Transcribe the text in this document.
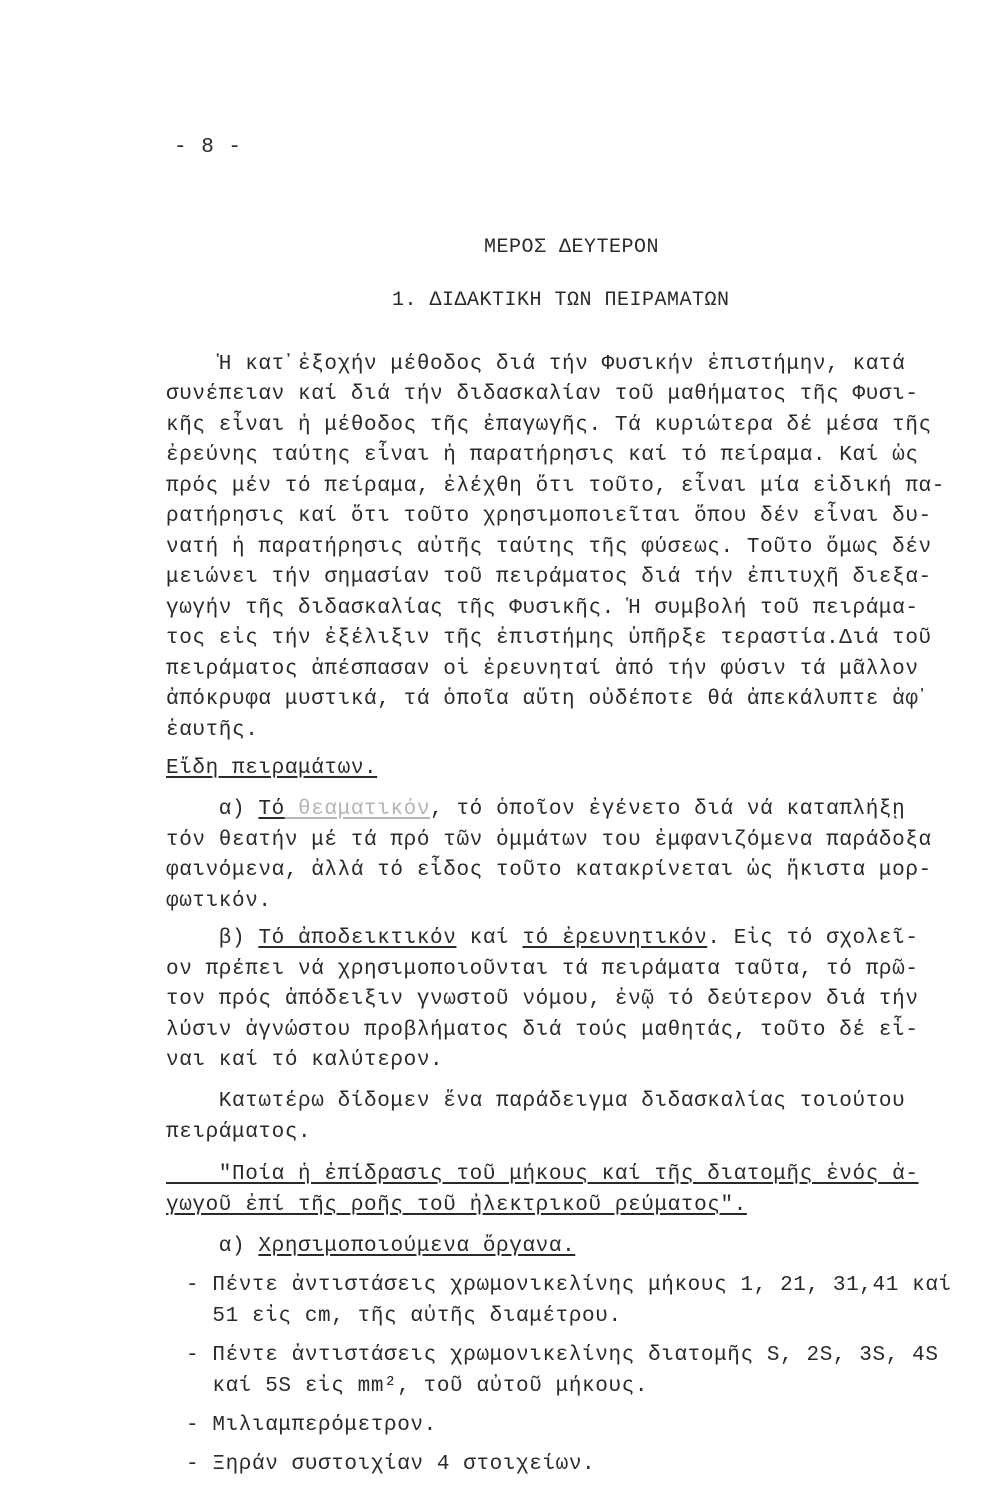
- 8 -
ΜΕΡΟΣ ΔΕΥΤΕΡΟΝ
1. ΔΙΔΑΚΤΙΚΗ ΤΩΝ ΠΕΙΡΑΜΑΤΩΝ
Ἡ κατ᾿ἐξοχήν μέθοδος διά τήν Φυσικήν ἐπιστήμην, κατά
συνέπειαν καί διά τήν διδασκαλίαν τοῦ μαθήματος τῆς Φυσι-
κῆς εἶναι ἡ μέθοδος τῆς ἐπαγωγῆς. Τά κυριώτερα δέ μέσα τῆς
ἐρεύνης ταύτης εἶναι ἡ παρατήρησις καί τό πείραμα. Καί ὡς
πρός μέν τό πείραμα, ἐλέχθη ὅτι τοῦτο, εἶναι μία εἰδική πα-
ρατήρησις καί ὅτι τοῦτο χρησιμοποιεῖται ὅπου δέν εἶναι δυ-
νατή ἡ παρατήρησις αὐτῆς ταύτης τῆς φύσεως. Τοῦτο ὅμως δέν
μειώνει τήν σημασίαν τοῦ πειράματος διά τήν ἐπιτυχῆ διεξα-
γωγήν τῆς διδασκαλίας τῆς Φυσικῆς. Ἡ συμβολή τοῦ πειράμα-
τος εἰς τήν ἐξέλιξιν τῆς ἐπιστήμης ὑπῆρξε τεραστία.Διά τοῦ
πειράματος ἀπέσπασαν οἱ ἐρευνηταί ἀπό τήν φύσιν τά μᾶλλον
ἀπόκρυφα μυστικά, τά ὁποῖα αὕτη οὐδέποτε θά ἀπεκάλυπτε ἀφ᾿
ἑαυτῆς.
Εἴδη πειραμάτων.
α) Τό θεαματικόν, τό ὁποῖον ἐγένετο διά νά καταπλήξῃ
τόν θεατήν μέ τά πρό τῶν ὀμμάτων του ἐμφανιζόμενα παράδοξα
φαινόμενα, ἀλλά τό εἶδος τοῦτο κατακρίνεται ὡς ἥκιστα μορ-
φωτικόν.
β) Τό ἀποδεικτικόν καί τό ἐρευνητικόν. Εἰς τό σχολεῖ-
ον πρέπει νά χρησιμοποιοῦνται τά πειράματα ταῦτα, τό πρῶ-
τον πρός ἀπόδειξιν γνωστοῦ νόμου, ἐνῷ τό δεύτερον διά τήν
λύσιν ἀγνώστου προβλήματος διά τούς μαθητάς, τοῦτο δέ εἶ-
ναι καί τό καλύτερον.
Κατωτέρω δίδομεν ἕνα παράδειγμα διδασκαλίας τοιούτου
πειράματος.
"Ποία ἡ ἐπίδρασις τοῦ μήκους καί τῆς διατομῆς ἑνός ἀ-
γωγοῦ ἐπί τῆς ροῆς τοῦ ἠλεκτρικοῦ ρεύματος".
α) Χρησιμοποιούμενα ὄργανα.
- Πέντε ἀντιστάσεις χρωμονικελίνης μήκους 1, 21, 31,41 καί
51 εἰς cm, τῆς αὐτῆς διαμέτρου.
- Πέντε ἀντιστάσεις χρωμονικελίνης διατομῆς S, 2S, 3S, 4S
καί 5S εἰς mm², τοῦ αὐτοῦ μήκους.
- Μιλιαμπερόμετρον.
- Ξηράν συστοιχίαν 4 στοιχείων.
